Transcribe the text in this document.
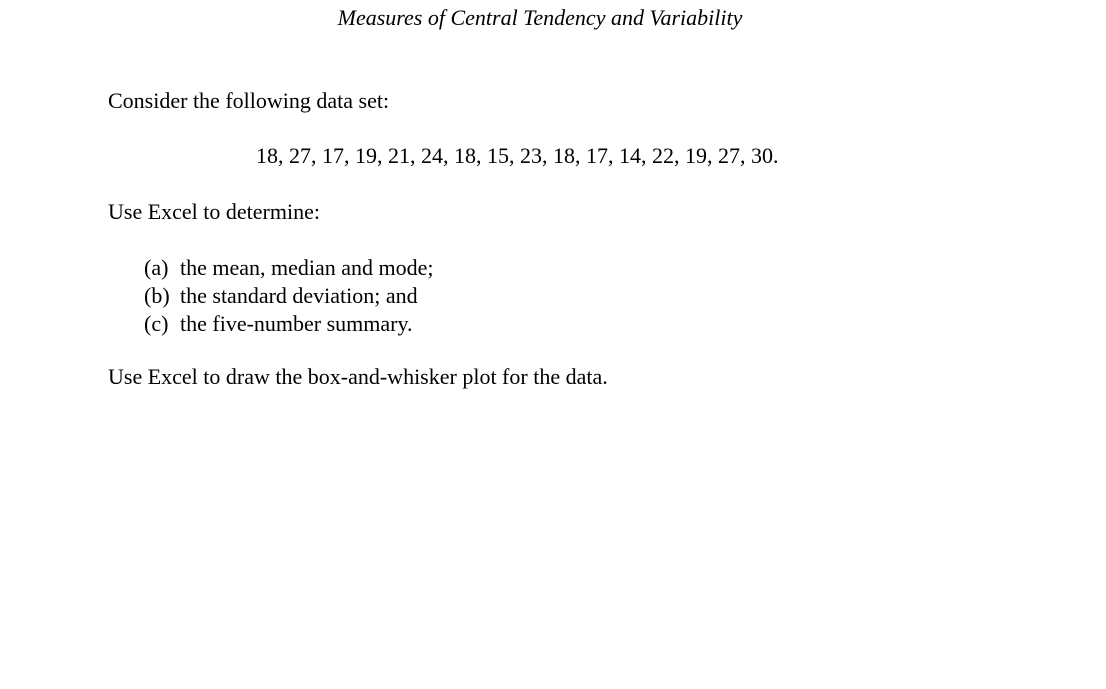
Measures of Central Tendency and Variability
Consider the following data set:
18, 27, 17, 19, 21, 24, 18, 15, 23, 18, 17, 14, 22, 19, 27, 30.
Use Excel to determine:
(a) the mean, median and mode;
(b) the standard deviation; and
(c) the five-number summary.
Use Excel to draw the box-and-whisker plot for the data.
